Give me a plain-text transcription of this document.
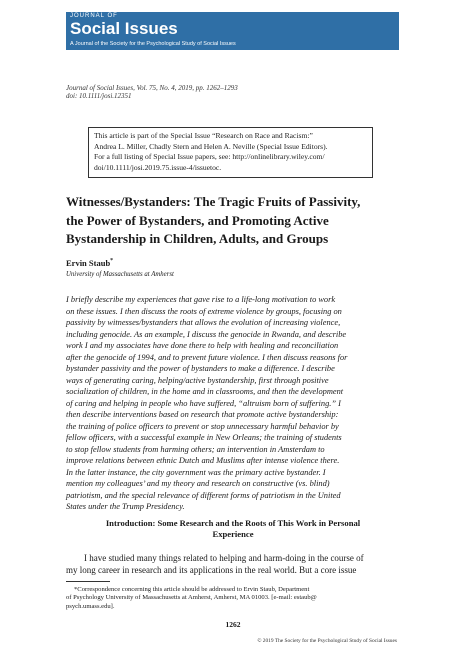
JOURNAL OF
Social Issues
A Journal of the Society for the Psychological Study of Social Issues
Journal of Social Issues, Vol. 75, No. 4, 2019, pp. 1262–1293
doi: 10.1111/josi.12351
This article is part of the Special Issue “Research on Race and Racism:”
Andrea L. Miller, Chadly Stern and Helen A. Neville (Special Issue Editors).
For a full listing of Special Issue papers, see: http://onlinelibrary.wiley.com/
doi/10.1111/josi.2019.75.issue-4/issuetoc.
Witnesses/Bystanders: The Tragic Fruits of Passivity,
the Power of Bystanders, and Promoting Active
Bystandership in Children, Adults, and Groups
Ervin Staub*
University of Massachusetts at Amherst
I briefly describe my experiences that gave rise to a life-long motivation to work
on these issues. I then discuss the roots of extreme violence by groups, focusing on
passivity by witnesses/bystanders that allows the evolution of increasing violence,
including genocide. As an example, I discuss the genocide in Rwanda, and describe
work I and my associates have done there to help with healing and reconciliation
after the genocide of 1994, and to prevent future violence. I then discuss reasons for
bystander passivity and the power of bystanders to make a difference. I describe
ways of generating caring, helping/active bystandership, first through positive
socialization of children, in the home and in classrooms, and then the development
of caring and helping in people who have suffered, “altruism born of suffering.” I
then describe interventions based on research that promote active bystandership:
the training of police officers to prevent or stop unnecessary harmful behavior by
fellow officers, with a successful example in New Orleans; the training of students
to stop fellow students from harming others; an intervention in Amsterdam to
improve relations between ethnic Dutch and Muslims after intense violence there.
In the latter instance, the city government was the primary active bystander. I
mention my colleagues’ and my theory and research on constructive (vs. blind)
patriotism, and the special relevance of different forms of patriotism in the United
States under the Trump Presidency.
Introduction: Some Research and the Roots of This Work in Personal
Experience
I have studied many things related to helping and harm-doing in the course of
my long career in research and its applications in the real world. But a core issue
*Correspondence concerning this article should be addressed to Ervin Staub, Department
of Psychology University of Massachusetts at Amherst, Amherst, MA 01003. [e-mail: estaub@
psych.umass.edu].
1262
© 2019 The Society for the Psychological Study of Social Issues
